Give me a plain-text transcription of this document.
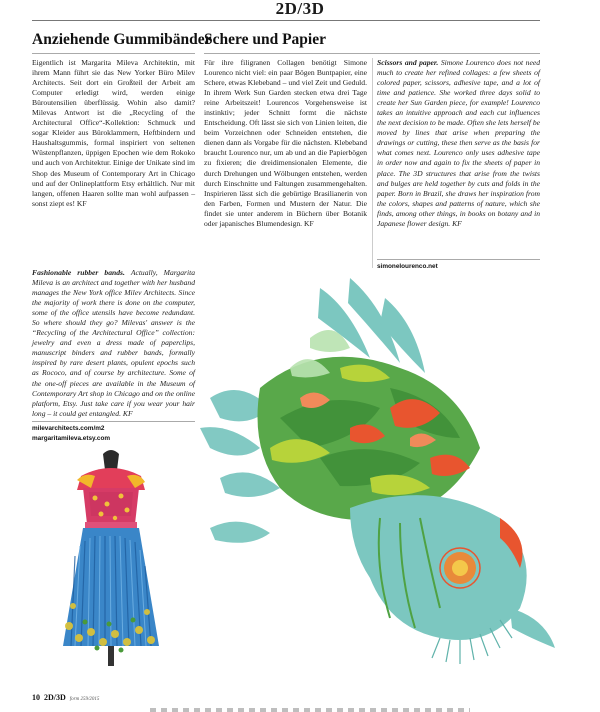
2D/3D
Anziehende Gummibänder
Eigentlich ist Margarita Mileva Architektin, mit ihrem Mann führt sie das New Yorker Büro Milev Architects. Seit dort ein Großteil der Arbeit am Computer erledigt wird, werden einige Büroutensilien überflüssig. Wohin also damit? Milevas Antwort ist die „Recycling of the Architectural Office“-Kollektion: Schmuck und sogar Kleider aus Büroklammern, Heftbindern und Haushaltsgummis, formal inspiriert von seltenen Wüstenpflanzen, üppigen Epochen wie dem Rokoko und auch von Architektur. Einige der Unikate sind im Shop des Museum of Contemporary Art in Chicago und auf der Onlineplattform Etsy erhältlich. Nur mit langen, offenen Haaren sollte man wohl aufpassen – sonst ziept es! KF
Fashionable rubber bands. Actually, Margarita Mileva is an architect and together with her husband manages the New York office Milev Architects. Since the majority of work there is done on the computer, some of the office utensils have become redundant. So where should they go? Milevas' answer is the “Recycling of the Architectural Office” collection: jewelry and even a dress made of paperclips, manuscript binders and rubber bands, formally inspired by rare desert plants, opulent epochs such as Rococo, and of course by architecture. Some of the one-off pieces are available in the Museum of Contemporary Art shop in Chicago and on the online platform, Etsy. Just take care if you wear your hair long – it could get entangled. KF
milevarchitects.com/m2
margaritamileva.etsy.com
Schere und Papier
Für ihre filigranen Collagen benötigt Simone Lourenco nicht viel: ein paar Bögen Buntpapier, eine Schere, etwas Klebeband – und viel Zeit und Geduld. In ihrem Werk Sun Garden stecken etwa drei Tage reine Arbeitszeit! Lourencos Vorgehensweise ist instinktiv; jeder Schnitt formt die nächste Entscheidung. Oft lässt sie sich von Linien leiten, die beim Vorzeichnen oder Schneiden entstehen, die dienen dann als Vorgabe für die nächsten. Klebeband braucht Lourenco nur, um ab und an die Papierbögen zu fixieren; die dreidimensionalen Elemente, die durch Drehungen und Wölbungen entstehen, werden durch Einschnitte und Faltungen zusammengehalten. Inspirieren lässt sich die gebürtige Brasilianerin von den Farben, Formen und Mustern der Natur. Die findet sie unter anderem in Büchern über Botanik oder japanisches Blumendesign. KF
Scissors and paper. Simone Lourenco does not need much to create her refined collages: a few sheets of colored paper, scissors, adhesive tape, and a lot of time and patience. She worked three days solid to create her Sun Garden piece, for example! Lourenco takes an intuitive approach and each cut influences the next decision to be made. Often she lets herself be moved by lines that arise when preparing the drawings or cutting, these then serve as the basis for what comes next. Lourenco only uses adhesive tape in order now and again to fix the sheets of paper in place. The 3D structures that arise from the twists and bulges are held together by cuts and folds in the paper. Born in Brazil, she draws her inspiration from the colors, shapes and patterns of nature, which she finds, among other things, in books on botany and in Japanese flower design. KF
simonelourenco.net
10 2D/3D form 259/2015
